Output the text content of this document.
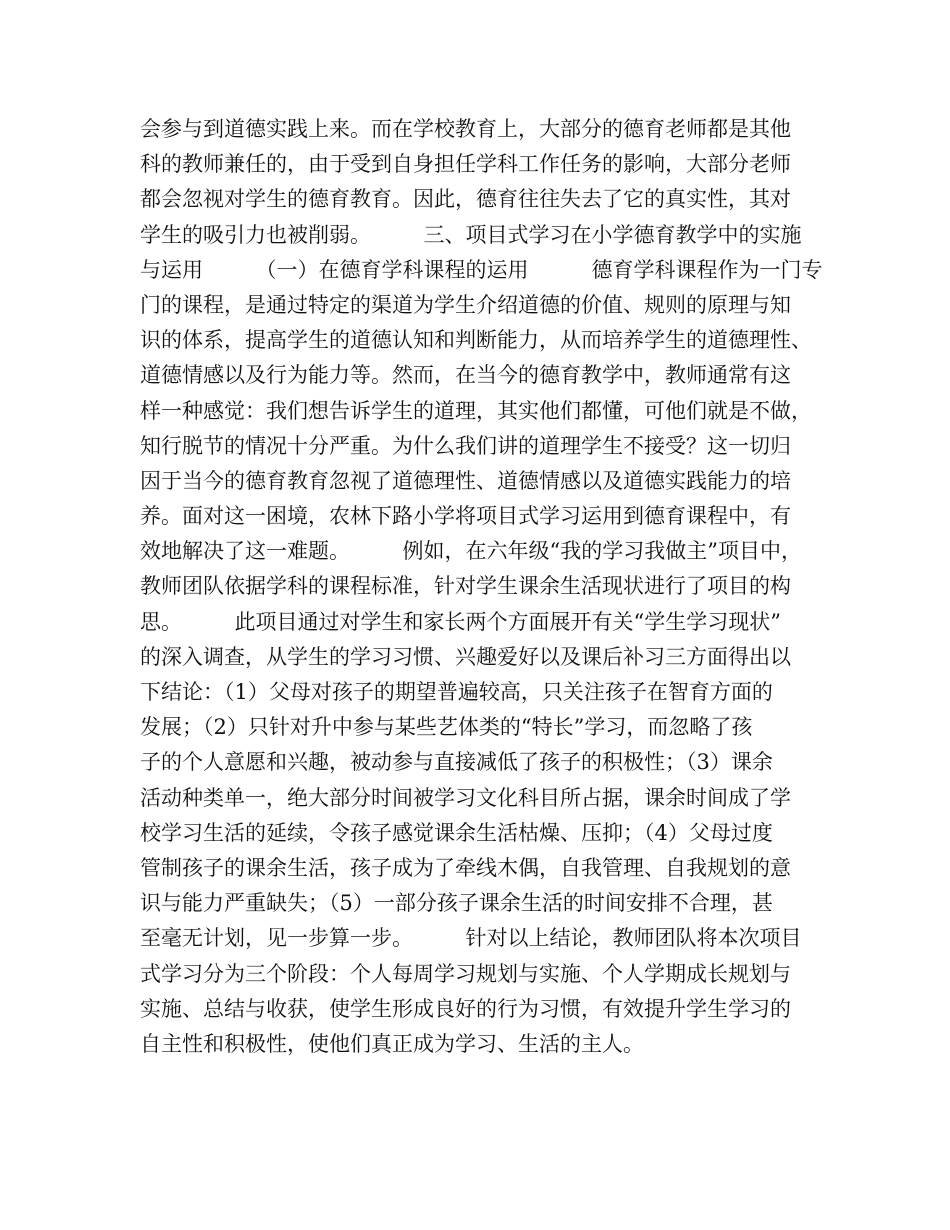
会参与到道德实践上来。而在学校教育上，大部分的德育老师都是其他
科的教师兼任的，由于受到自身担任学科工作任务的影响，大部分老师
都会忽视对学生的德育教育。因此，德育往往失去了它的真实性，其对
学生的吸引力也被削弱。　　　三、项目式学习在小学德育教学中的实施
与运用　　　（一）在德育学科课程的运用　　　德育学科课程作为一门专
门的课程，是通过特定的渠道为学生介绍道德的价值、规则的原理与知
识的体系，提高学生的道德认知和判断能力，从而培养学生的道德理性、
道德情感以及行为能力等。然而，在当今的德育教学中，教师通常有这
样一种感觉：我们想告诉学生的道理，其实他们都懂，可他们就是不做，
知行脱节的情况十分严重。为什么我们讲的道理学生不接受？这一切归
因于当今的德育教育忽视了道德理性、道德情感以及道德实践能力的培
养。面对这一困境，农林下路小学将项目式学习运用到德育课程中，有
效地解决了这一难题。　　　例如，在六年级“我的学习我做主”项目中，
教师团队依据学科的课程标准，针对学生课余生活现状进行了项目的构
思。　　　此项目通过对学生和家长两个方面展开有关“学生学习现状”
的深入调查，从学生的学习习惯、兴趣爱好以及课后补习三方面得出以
下结论：（1）父母对孩子的期望普遍较高，只关注孩子在智育方面的
发展；（2）只针对升中参与某些艺体类的“特长”学习，而忽略了孩
子的个人意愿和兴趣，被动参与直接减低了孩子的积极性；（3）课余
活动种类单一，绝大部分时间被学习文化科目所占据，课余时间成了学
校学习生活的延续，令孩子感觉课余生活枯燥、压抑；（4）父母过度
管制孩子的课余生活，孩子成为了牵线木偶，自我管理、自我规划的意
识与能力严重缺失；（5）一部分孩子课余生活的时间安排不合理，甚
至毫无计划，见一步算一步。　　　针对以上结论，教师团队将本次项目
式学习分为三个阶段：个人每周学习规划与实施、个人学期成长规划与
实施、总结与收获，使学生形成良好的行为习惯，有效提升学生学习的
自主性和积极性，使他们真正成为学习、生活的主人。
